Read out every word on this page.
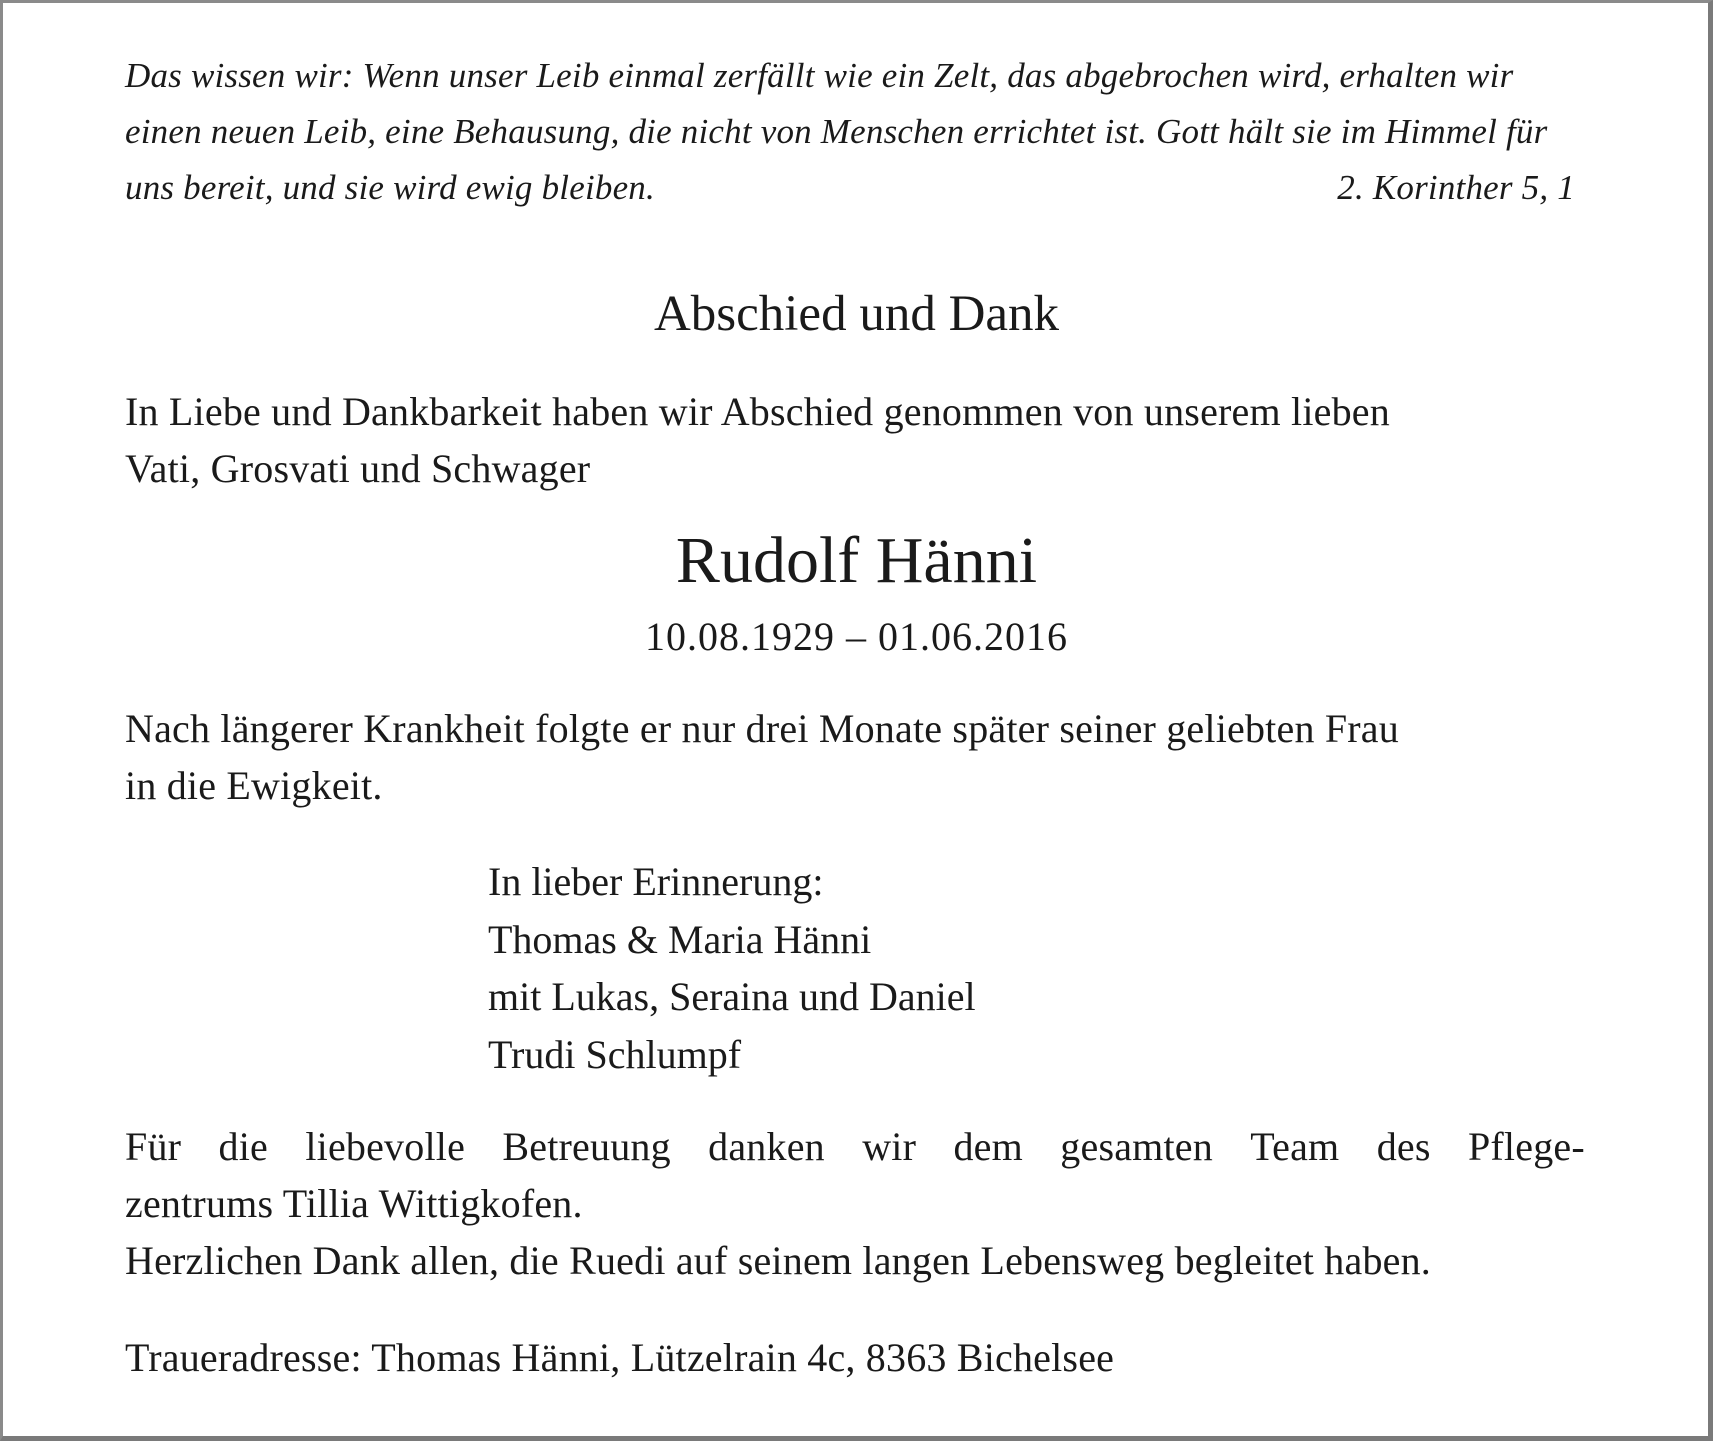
Das wissen wir: Wenn unser Leib einmal zerfällt wie ein Zelt, das abgebrochen wird, erhalten wir
einen neuen Leib, eine Behausung, die nicht von Menschen errichtet ist. Gott hält sie im Himmel für
uns bereit, und sie wird ewig bleiben.	2. Korinther 5, 1
Abschied und Dank
In Liebe und Dankbarkeit haben wir Abschied genommen von unserem lieben
Vati, Grosvati und Schwager
Rudolf Hänni
10.08.1929 – 01.06.2016
Nach längerer Krankheit folgte er nur drei Monate später seiner geliebten Frau
in die Ewigkeit.
In lieber Erinnerung:
Thomas & Maria Hänni
mit Lukas, Seraina und Daniel
Trudi Schlumpf
Für die liebevolle Betreuung danken wir dem gesamten Team des Pflege-
zentrums Tillia Wittigkofen.
Herzlichen Dank allen, die Ruedi auf seinem langen Lebensweg begleitet haben.
Traueradresse: Thomas Hänni, Lützelrain 4c, 8363 Bichelsee
